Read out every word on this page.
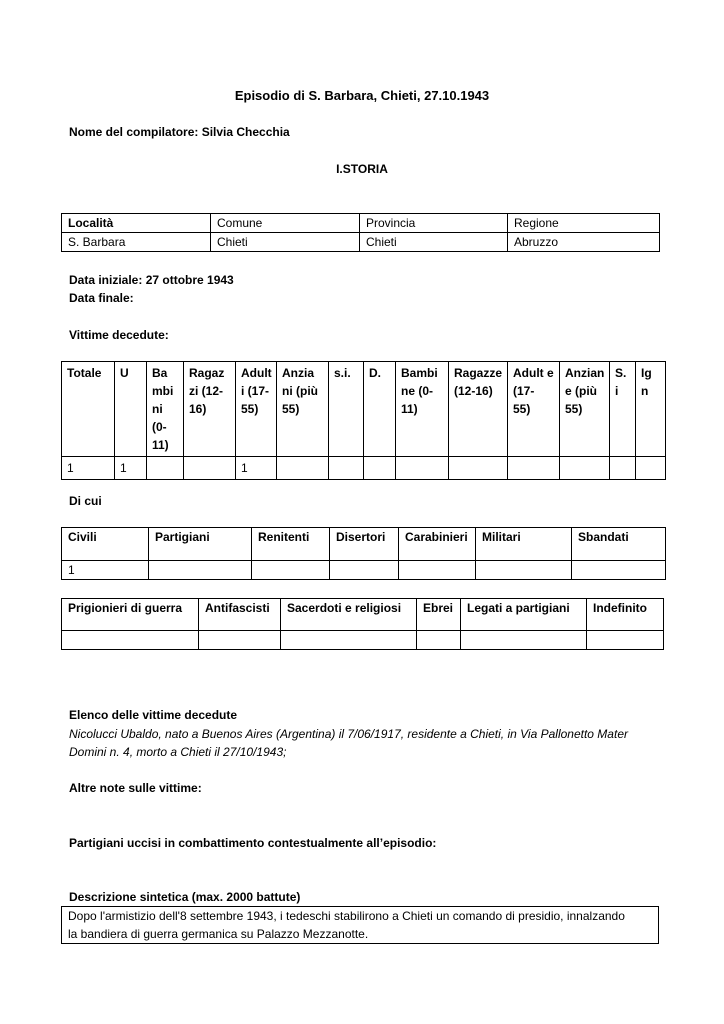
Episodio di S. Barbara, Chieti, 27.10.1943
Nome del compilatore: Silvia Checchia
I.STORIA
Località	Comune	Provincia	Regione
S. Barbara	Chieti	Chieti	Abruzzo
Data iniziale: 27 ottobre 1943
Data finale:
Vittime decedute:
Totale	U	Ba mbi ni (0- 11)	Ragaz zi (12- 16)	Adult i (17- 55)	Anzia ni (più 55)	s.i.	D.	Bambi ne (0- 11)	Ragazze (12-16)	Adult e (17- 55)	Anzian e (più 55)	S. i	Ig n
1	1			1									
Di cui
Civili	Partigiani	Renitenti	Disertori	Carabinieri	Militari	Sbandati
1						
Prigionieri di guerra	Antifascisti	Sacerdoti e religiosi	Ebrei	Legati a partigiani	Indefinito

Elenco delle vittime decedute
Nicolucci Ubaldo, nato a Buenos Aires (Argentina) il 7/06/1917, residente a Chieti, in Via Pallonetto Mater
Domini n. 4, morto a Chieti il 27/10/1943;
Altre note sulle vittime:
Partigiani uccisi in combattimento contestualmente all’episodio:
Descrizione sintetica (max. 2000 battute)
Dopo l'armistizio dell'8 settembre 1943, i tedeschi stabilirono a Chieti un comando di presidio, innalzando
la bandiera di guerra germanica su Palazzo Mezzanotte.
